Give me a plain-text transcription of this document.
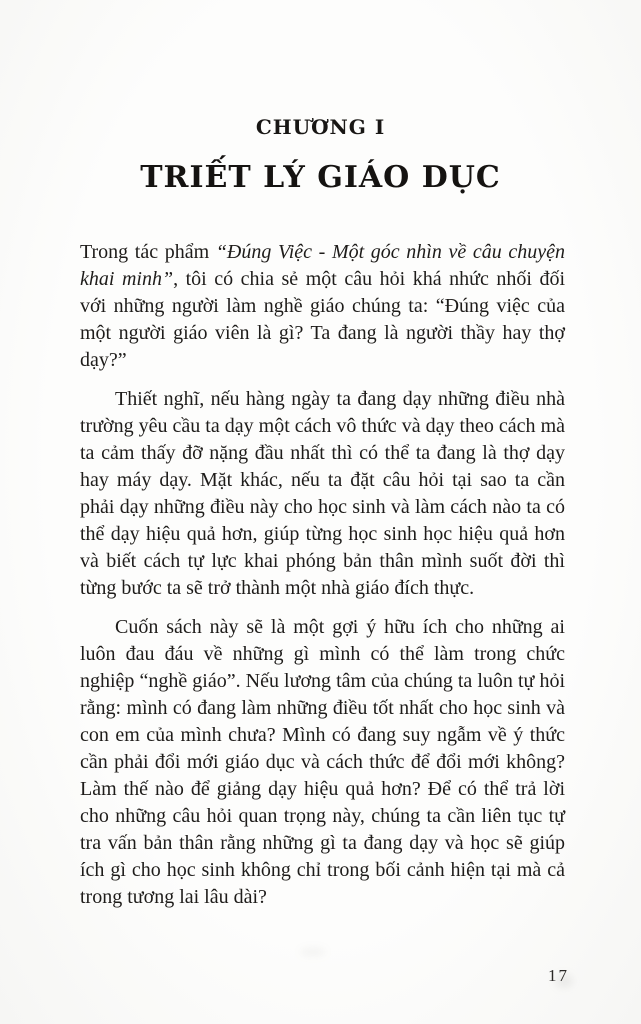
CHƯƠNG I
TRIẾT LÝ GIÁO DỤC

Trong tác phẩm “Đúng Việc - Một góc nhìn về câu chuyện khai minh”, tôi có chia sẻ một câu hỏi khá nhức nhối đối với những người làm nghề giáo chúng ta: “Đúng việc của một người giáo viên là gì? Ta đang là người thầy hay thợ dạy?”

Thiết nghĩ, nếu hàng ngày ta đang dạy những điều nhà trường yêu cầu ta dạy một cách vô thức và dạy theo cách mà ta cảm thấy đỡ nặng đầu nhất thì có thể ta đang là thợ dạy hay máy dạy. Mặt khác, nếu ta đặt câu hỏi tại sao ta cần phải dạy những điều này cho học sinh và làm cách nào ta có thể dạy hiệu quả hơn, giúp từng học sinh học hiệu quả hơn và biết cách tự lực khai phóng bản thân mình suốt đời thì từng bước ta sẽ trở thành một nhà giáo đích thực.

Cuốn sách này sẽ là một gợi ý hữu ích cho những ai luôn đau đáu về những gì mình có thể làm trong chức nghiệp “nghề giáo”. Nếu lương tâm của chúng ta luôn tự hỏi rằng: mình có đang làm những điều tốt nhất cho học sinh và con em của mình chưa? Mình có đang suy ngẫm về ý thức cần phải đổi mới giáo dục và cách thức để đổi mới không? Làm thế nào để giảng dạy hiệu quả hơn? Để có thể trả lời cho những câu hỏi quan trọng này, chúng ta cần liên tục tự tra vấn bản thân rằng những gì ta đang dạy và học sẽ giúp ích gì cho học sinh không chỉ trong bối cảnh hiện tại mà cả trong tương lai lâu dài?

17
